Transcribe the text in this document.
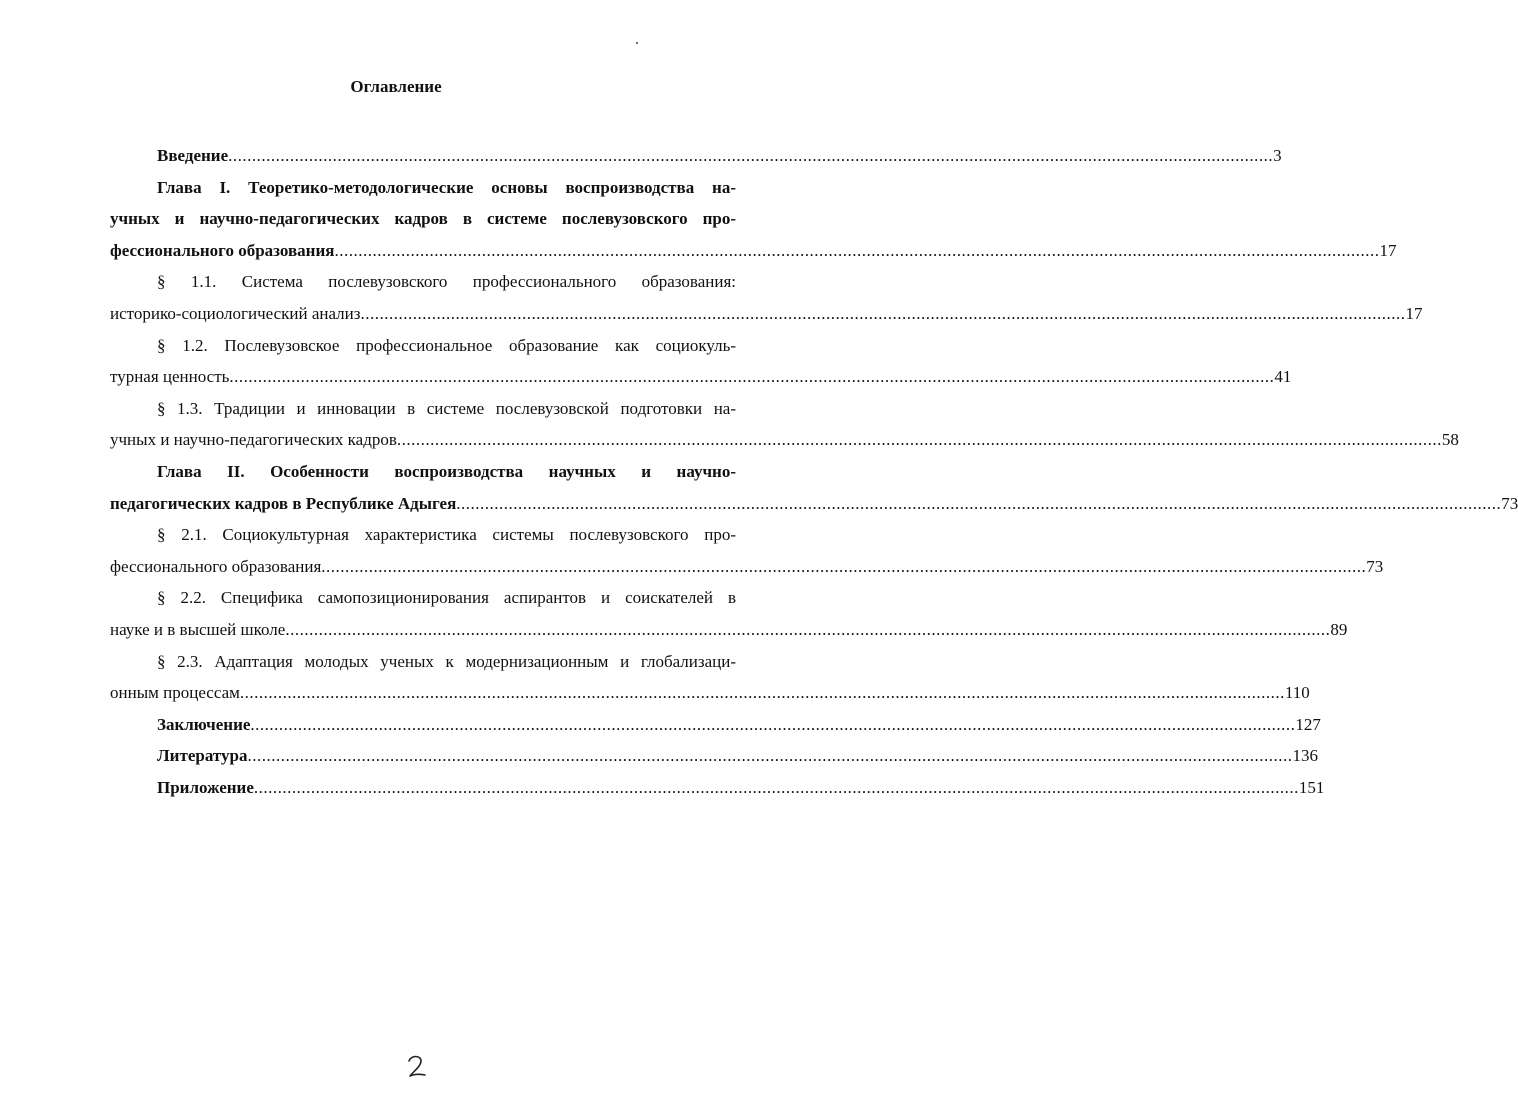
Оглавление
Введение ............................................................................................................................................................................................................................ 3
Глава I. Теоретико-методологические основы воспроизводства на-
учных и научно-педагогических кадров в системе послевузовского про-
фессионального образования ............................................................................................................................................................................................................................ 17
§ 1.1. Система послевузовского профессионального образования:
историко-социологический анализ ............................................................................................................................................................................................................................ 17
§ 1.2. Послевузовское профессиональное образование как социокуль-
турная ценность ............................................................................................................................................................................................................................ 41
§ 1.3. Традиции и инновации в системе послевузовской подготовки на-
учных и научно-педагогических кадров ............................................................................................................................................................................................................................ 58
Глава II. Особенности воспроизводства научных и научно-
педагогических кадров в Республике Адыгея ............................................................................................................................................................................................................................ 73
§ 2.1. Социокультурная характеристика системы послевузовского про-
фессионального образования ............................................................................................................................................................................................................................ 73
§ 2.2. Специфика самопозиционирования аспирантов и соискателей в
науке и в высшей школе ............................................................................................................................................................................................................................ 89
§ 2.3. Адаптация молодых ученых к модернизационным и глобализаци-
онным процессам ............................................................................................................................................................................................................................ 110
Заключение ............................................................................................................................................................................................................................ 127
Литература ............................................................................................................................................................................................................................ 136
Приложение ............................................................................................................................................................................................................................ 151
